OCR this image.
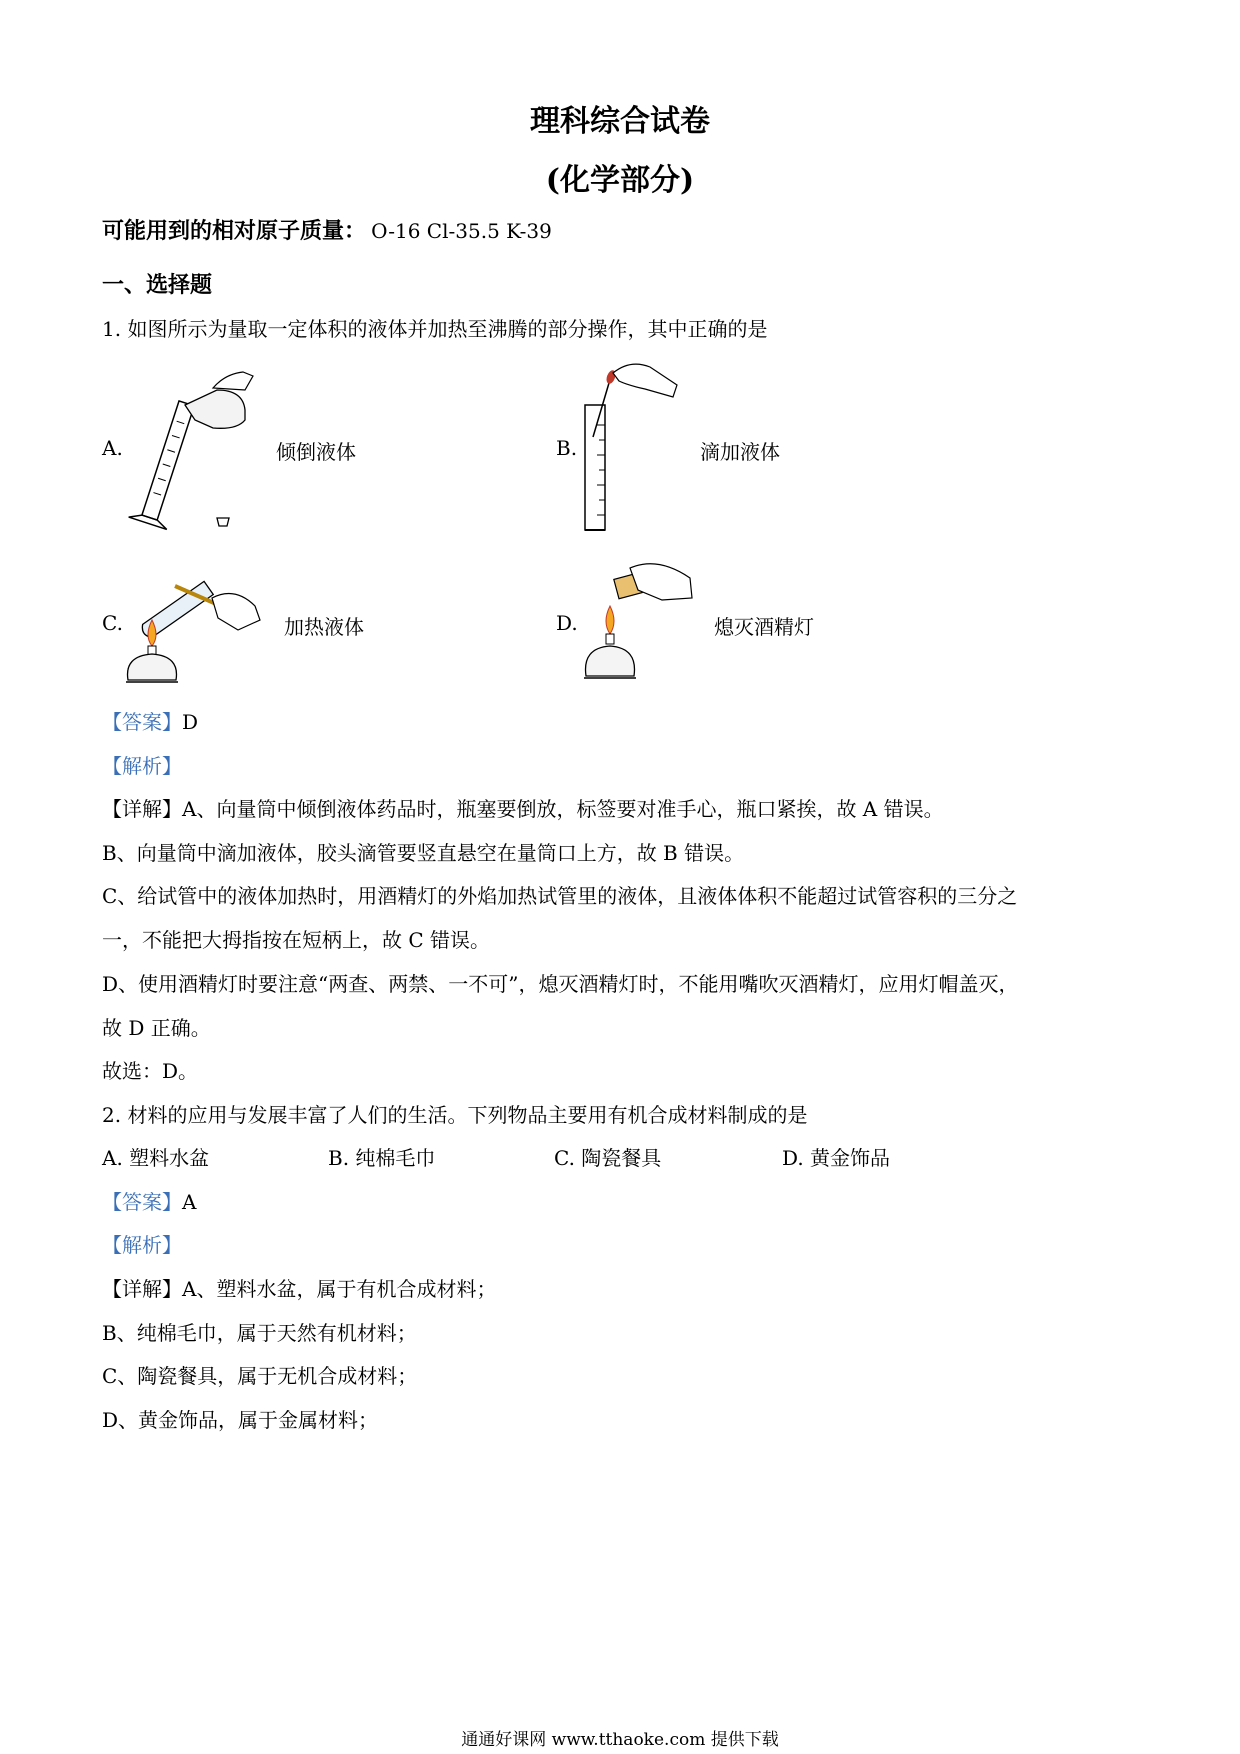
理科综合试卷
(化学部分)
可能用到的相对原子质量： O-16 Cl-35.5 K-39
一、选择题
1. 如图所示为量取一定体积的液体并加热至沸腾的部分操作，其中正确的是
A.	倾倒液体	B.	滴加液体
C.	加热液体	D.	熄灭酒精灯
【答案】D
【解析】
【详解】A、向量筒中倾倒液体药品时，瓶塞要倒放，标签要对准手心，瓶口紧挨，故 A 错误。
B、向量筒中滴加液体，胶头滴管要竖直悬空在量筒口上方，故 B 错误。
C、给试管中的液体加热时，用酒精灯的外焰加热试管里的液体，且液体体积不能超过试管容积的三分之
一，不能把大拇指按在短柄上，故 C 错误。
D、使用酒精灯时要注意“两查、两禁、一不可”，熄灭酒精灯时，不能用嘴吹灭酒精灯，应用灯帽盖灭，
故 D 正确。
故选：D。
2. 材料的应用与发展丰富了人们的生活。下列物品主要用有机合成材料制成的是
A. 塑料水盆	B. 纯棉毛巾	C. 陶瓷餐具	D. 黄金饰品
【答案】A
【解析】
【详解】A、塑料水盆，属于有机合成材料；
B、纯棉毛巾，属于天然有机材料；
C、陶瓷餐具，属于无机合成材料；
D、黄金饰品，属于金属材料；
通通好课网 www.tthaoke.com 提供下载
